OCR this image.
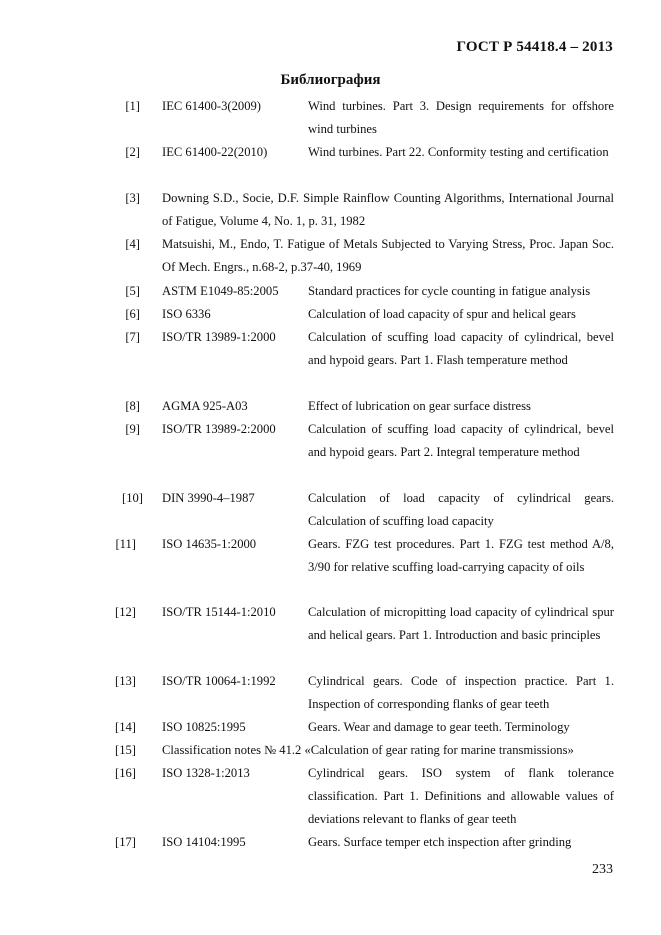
ГОСТ Р 54418.4 – 2013
Библиография
[1] IEC 61400-3(2009)	Wind turbines. Part 3. Design requirements for offshore wind turbines
[2] IEC 61400-22(2010)	Wind turbines. Part 22. Conformity testing and certification
[3] Downing S.D., Socie, D.F. Simple Rainflow Counting Algorithms, International Journal of Fatigue, Volume 4, No. 1, p. 31, 1982
[4] Matsuishi, M., Endo, T. Fatigue of Metals Subjected to Varying Stress, Proc. Japan Soc. Of Mech. Engrs., n.68-2, p.37-40, 1969
[5] ASTM E1049-85:2005	Standard practices for cycle counting in fatigue analysis
[6] ISO 6336	Calculation of load capacity of spur and helical gears
[7] ISO/TR 13989-1:2000	Calculation of scuffing load capacity of cylindrical, bevel and hypoid gears. Part 1. Flash temperature method
[8] AGMA 925-A03	Effect of lubrication on gear surface distress
[9] ISO/TR 13989-2:2000	Calculation of scuffing load capacity of cylindrical, bevel and hypoid gears. Part 2. Integral temperature method
[10] DIN 3990-4–1987	Calculation of load capacity of cylindrical gears. Calculation of scuffing load capacity
[11] ISO 14635-1:2000	Gears. FZG test procedures. Part 1. FZG test method A/8, 3/90 for relative scuffing load-carrying capacity of oils
[12] ISO/TR 15144-1:2010	Calculation of micropitting load capacity of cylindrical spur and helical gears. Part 1. Introduction and basic principles
[13] ISO/TR 10064-1:1992	Cylindrical gears. Code of inspection practice. Part 1. Inspection of corresponding flanks of gear teeth
[14] ISO 10825:1995	Gears. Wear and damage to gear teeth. Terminology
[15] Classification notes № 41.2 «Calculation of gear rating for marine transmissions»
[16] ISO 1328-1:2013	Cylindrical gears. ISO system of flank tolerance classification. Part 1. Definitions and allowable values of deviations relevant to flanks of gear teeth
[17] ISO 14104:1995	Gears. Surface temper etch inspection after grinding
233
